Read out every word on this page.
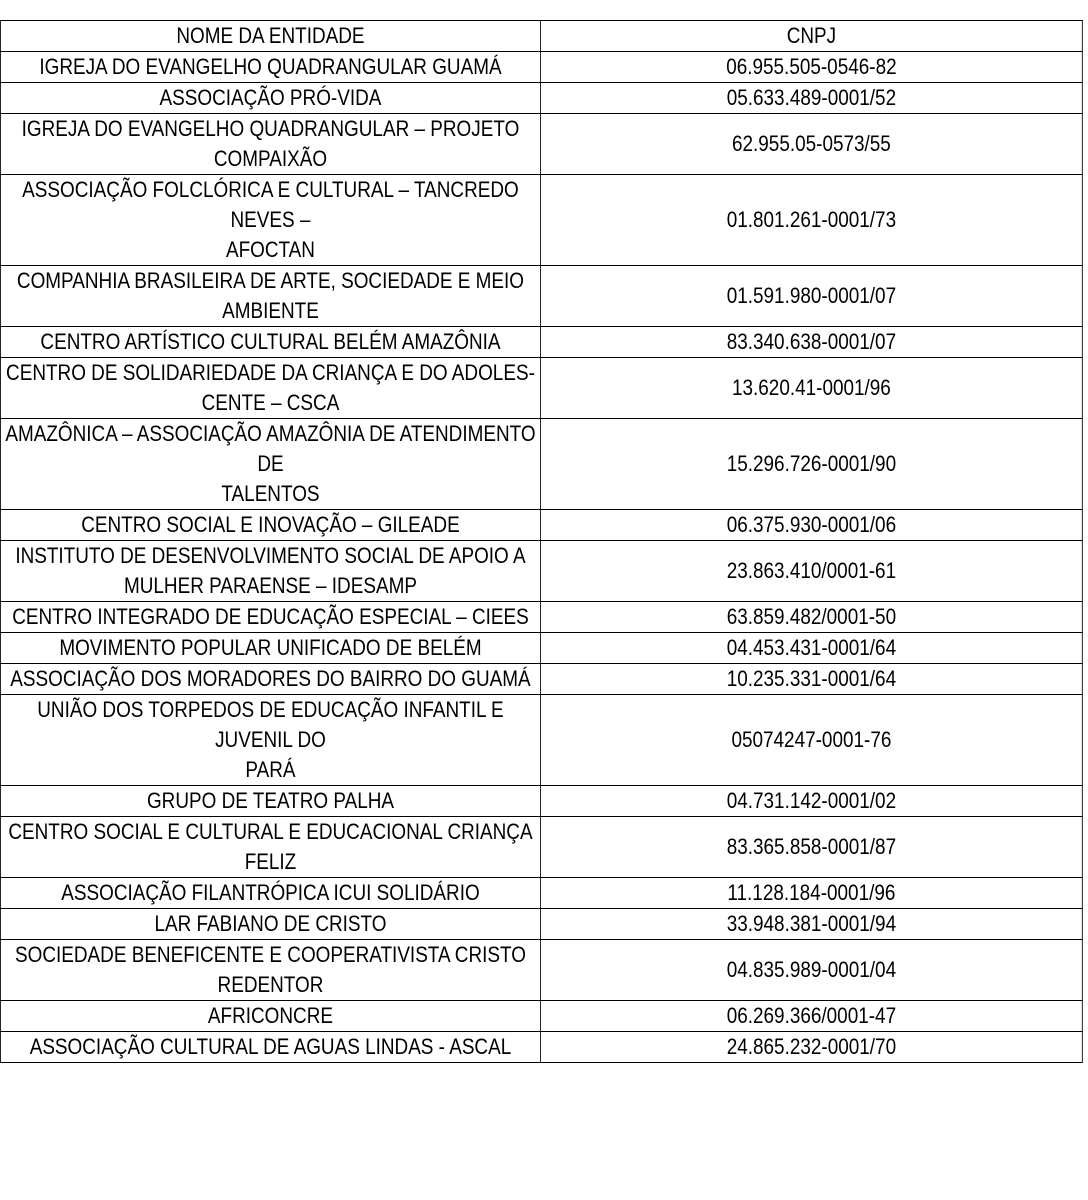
NOME DA ENTIDADE	CNPJ
IGREJA DO EVANGELHO QUADRANGULAR GUAMÁ	06.955.505-0546-82
ASSOCIAÇÃO PRÓ-VIDA	05.633.489-0001/52
IGREJA DO EVANGELHO QUADRANGULAR – PROJETO
COMPAIXÃO	62.955.05-0573/55
ASSOCIAÇÃO FOLCLÓRICA E CULTURAL – TANCREDO
NEVES –
AFOCTAN	01.801.261-0001/73
COMPANHIA BRASILEIRA DE ARTE, SOCIEDADE E MEIO
AMBIENTE	01.591.980-0001/07
CENTRO ARTÍSTICO CULTURAL BELÉM AMAZÔNIA	83.340.638-0001/07
CENTRO DE SOLIDARIEDADE DA CRIANÇA E DO ADOLES-
CENTE – CSCA	13.620.41-0001/96
AMAZÔNICA – ASSOCIAÇÃO AMAZÔNIA DE ATENDIMENTO
DE
TALENTOS	15.296.726-0001/90
CENTRO SOCIAL E INOVAÇÃO – GILEADE	06.375.930-0001/06
INSTITUTO DE DESENVOLVIMENTO SOCIAL DE APOIO A
MULHER PARAENSE – IDESAMP	23.863.410/0001-61
CENTRO INTEGRADO DE EDUCAÇÃO ESPECIAL – CIEES	63.859.482/0001-50
MOVIMENTO POPULAR UNIFICADO DE BELÉM	04.453.431-0001/64
ASSOCIAÇÃO DOS MORADORES DO BAIRRO DO GUAMÁ	10.235.331-0001/64
UNIÃO DOS TORPEDOS DE EDUCAÇÃO INFANTIL E
JUVENIL DO
PARÁ	05074247-0001-76
GRUPO DE TEATRO PALHA	04.731.142-0001/02
CENTRO SOCIAL E CULTURAL E EDUCACIONAL CRIANÇA
FELIZ	83.365.858-0001/87
ASSOCIAÇÃO FILANTRÓPICA ICUI SOLIDÁRIO	11.128.184-0001/96
LAR FABIANO DE CRISTO	33.948.381-0001/94
SOCIEDADE BENEFICENTE E COOPERATIVISTA CRISTO
REDENTOR	04.835.989-0001/04
AFRICONCRE	06.269.366/0001-47
ASSOCIAÇÃO CULTURAL DE AGUAS LINDAS - ASCAL	24.865.232-0001/70
